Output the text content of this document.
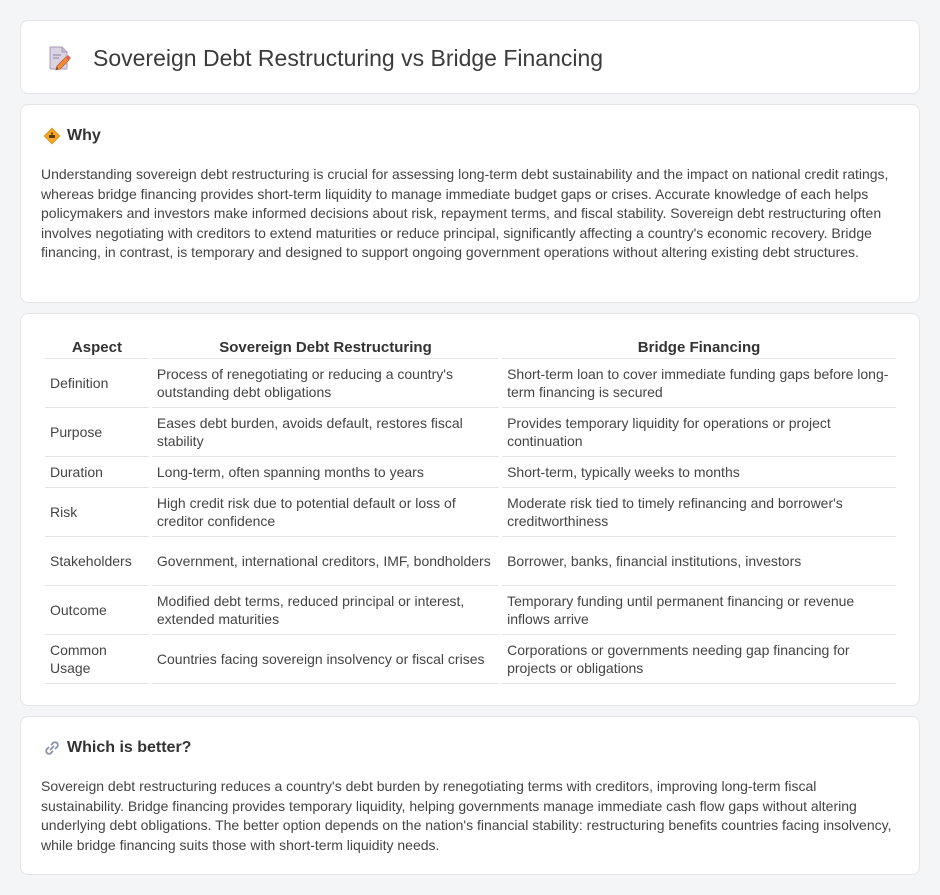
Sovereign Debt Restructuring vs Bridge Financing
Why

Understanding sovereign debt restructuring is crucial for assessing long-term debt sustainability and the impact on national credit ratings, whereas bridge financing provides short-term liquidity to manage immediate budget gaps or crises. Accurate knowledge of each helps policymakers and investors make informed decisions about risk, repayment terms, and fiscal stability. Sovereign debt restructuring often involves negotiating with creditors to extend maturities or reduce principal, significantly affecting a country's economic recovery. Bridge financing, in contrast, is temporary and designed to support ongoing government operations without altering existing debt structures.

Aspect	Sovereign Debt Restructuring	Bridge Financing
Definition	Process of renegotiating or reducing a country's outstanding debt obligations	Short-term loan to cover immediate funding gaps before long-term financing is secured
Purpose	Eases debt burden, avoids default, restores fiscal stability	Provides temporary liquidity for operations or project continuation
Duration	Long-term, often spanning months to years	Short-term, typically weeks to months
Risk	High credit risk due to potential default or loss of creditor confidence	Moderate risk tied to timely refinancing and borrower's creditworthiness
Stakeholders	Government, international creditors, IMF, bondholders	Borrower, banks, financial institutions, investors
Outcome	Modified debt terms, reduced principal or interest, extended maturities	Temporary funding until permanent financing or revenue inflows arrive
Common Usage	Countries facing sovereign insolvency or fiscal crises	Corporations or governments needing gap financing for projects or obligations
Which is better?

Sovereign debt restructuring reduces a country's debt burden by renegotiating terms with creditors, improving long-term fiscal sustainability. Bridge financing provides temporary liquidity, helping governments manage immediate cash flow gaps without altering underlying debt obligations. The better option depends on the nation's financial stability: restructuring benefits countries facing insolvency, while bridge financing suits those with short-term liquidity needs.
